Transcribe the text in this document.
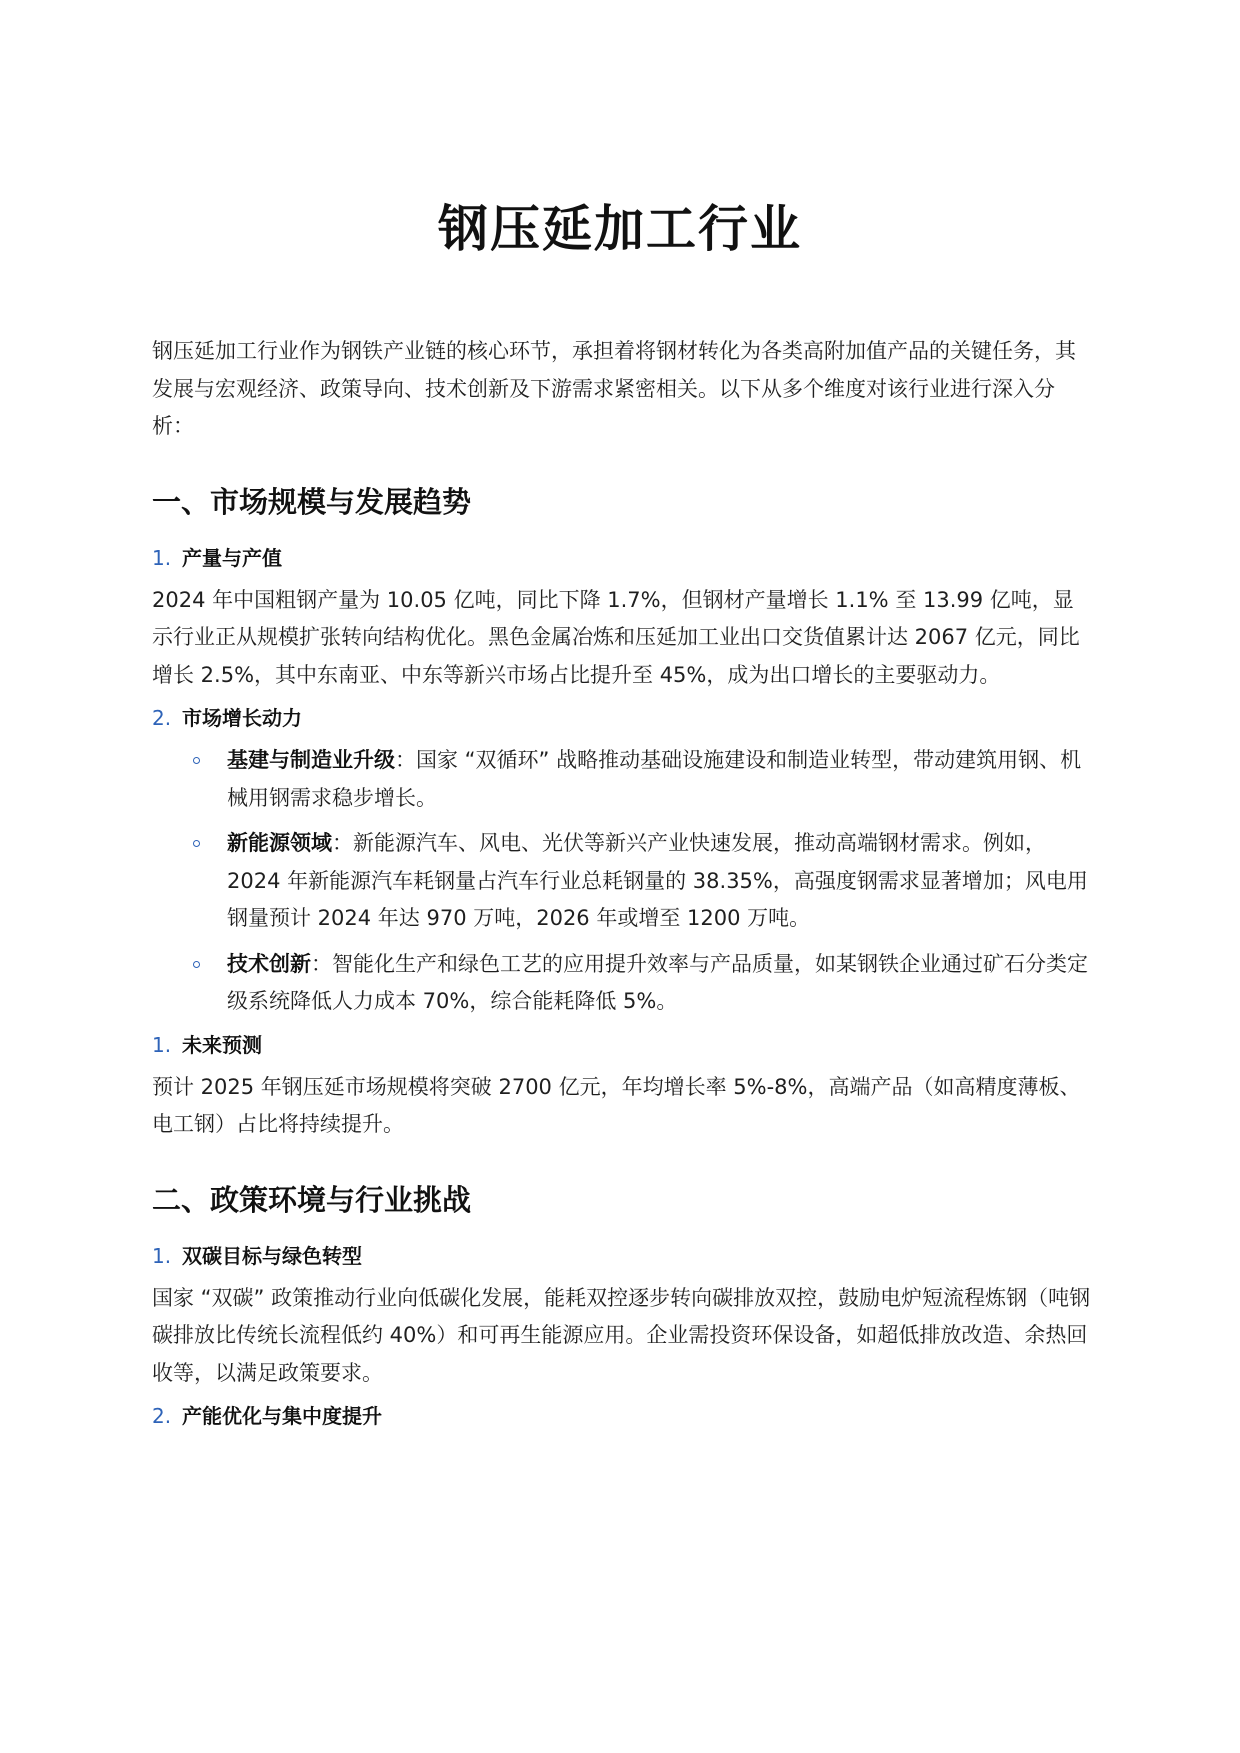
钢压延加工行业

钢压延加工行业作为钢铁产业链的核心环节，承担着将钢材转化为各类高附加值产品的关键任务，其发展与宏观经济、政策导向、技术创新及下游需求紧密相关。以下从多个维度对该行业进行深入分析：

一、市场规模与发展趋势
1. 产量与产值

2024 年中国粗钢产量为 10.05 亿吨，同比下降 1.7%，但钢材产量增长 1.1% 至 13.99 亿吨，显示行业正从规模扩张转向结构优化。黑色金属冶炼和压延加工业出口交货值累计达 2067 亿元，同比增长 2.5%，其中东南亚、中东等新兴市场占比提升至 45%，成为出口增长的主要驱动力。

2. 市场增长动力
基建与制造业升级：国家 “双循环” 战略推动基础设施建设和制造业转型，带动建筑用钢、机械用钢需求稳步增长。
新能源领域：新能源汽车、风电、光伏等新兴产业快速发展，推动高端钢材需求。例如，2024 年新能源汽车耗钢量占汽车行业总耗钢量的 38.35%，高强度钢需求显著增加；风电用钢量预计 2024 年达 970 万吨，2026 年或增至 1200 万吨。
技术创新：智能化生产和绿色工艺的应用提升效率与产品质量，如某钢铁企业通过矿石分类定级系统降低人力成本 70%，综合能耗降低 5%。
1. 未来预测

预计 2025 年钢压延市场规模将突破 2700 亿元，年均增长率 5%-8%，高端产品（如高精度薄板、电工钢）占比将持续提升。

二、政策环境与行业挑战
1. 双碳目标与绿色转型

国家 “双碳” 政策推动行业向低碳化发展，能耗双控逐步转向碳排放双控，鼓励电炉短流程炼钢（吨钢碳排放比传统长流程低约 40%）和可再生能源应用。企业需投资环保设备，如超低排放改造、余热回收等，以满足政策要求。

2. 产能优化与集中度提升
